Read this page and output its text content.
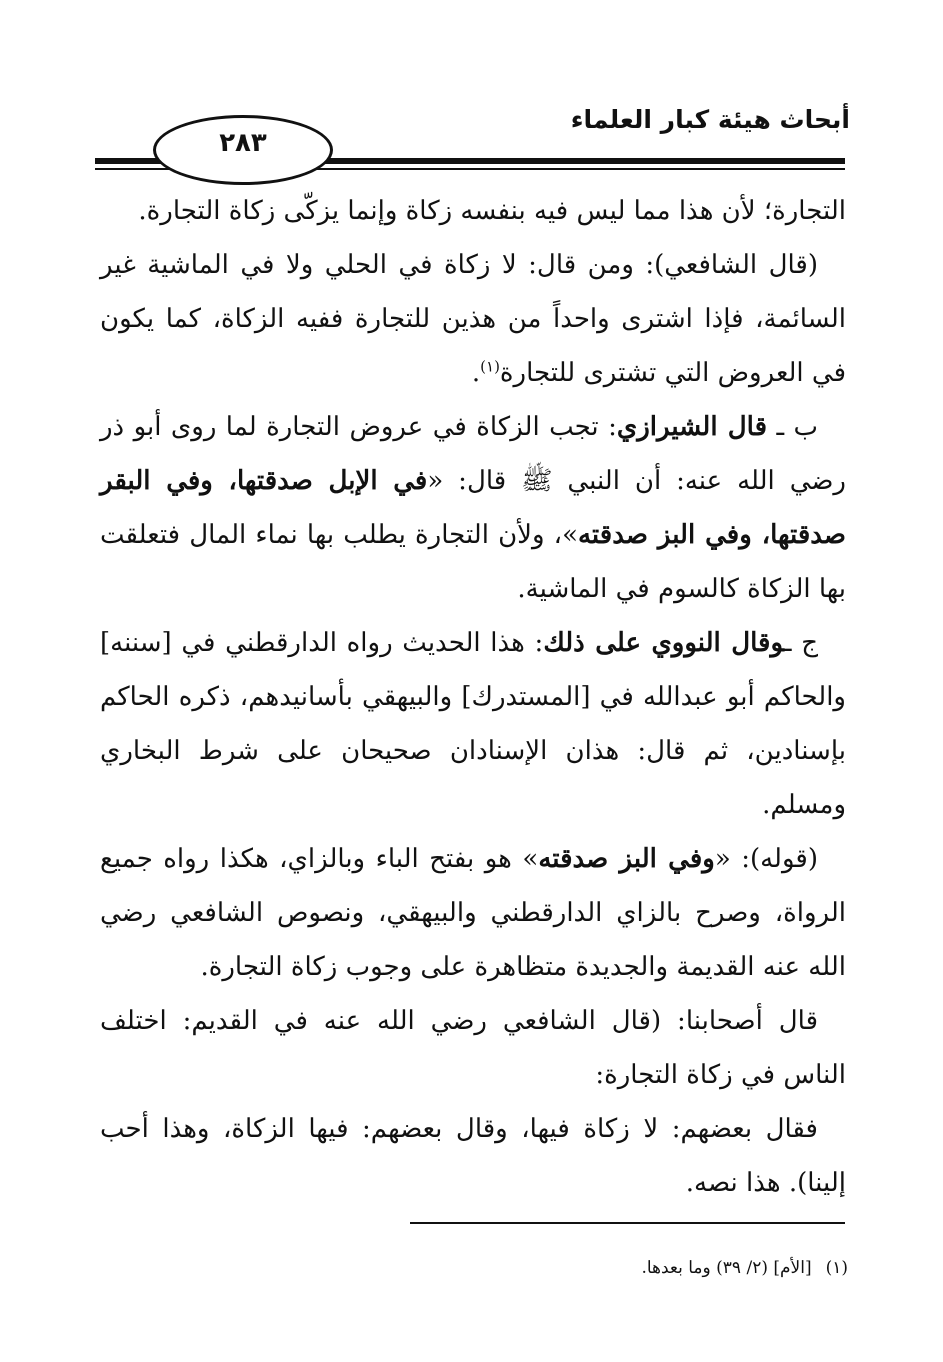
أبحاث هيئة كبار العلماء
٢٨٣

التجارة؛ لأن هذا مما ليس فيه بنفسه زكاة وإنما يزكّى زكاة التجارة.

(قال الشافعي): ومن قال: لا زكاة في الحلي ولا في الماشية غير السائمة، فإذا اشترى واحداً من هذين للتجارة ففيه الزكاة، كما يكون في العروض التي تشترى للتجارة$^{(١)}$.

ب ـ قال الشيرازي: تجب الزكاة في عروض التجارة لما روى أبو ذر رضي الله عنه: أن النبي ﷺ قال: «في الإبل صدقتها، وفي البقر صدقتها، وفي البز صدقته»، ولأن التجارة يطلب بها نماء المال فتعلقت بها الزكاة كالسوم في الماشية.

ج ـوقال النووي على ذلك: هذا الحديث رواه الدارقطني في [سننه] والحاكم أبو عبدالله في [المستدرك] والبيهقي بأسانيدهم، ذكره الحاكم بإسنادين، ثم قال: هذان الإسنادان صحيحان على شرط البخاري ومسلم.

(قوله): «وفي البز صدقته» هو بفتح الباء وبالزاي، هكذا رواه جميع الرواة، وصرح بالزاي الدارقطني والبيهقي، ونصوص الشافعي رضي الله عنه القديمة والجديدة متظاهرة على وجوب زكاة التجارة.

قال أصحابنا: (قال الشافعي رضي الله عنه في القديم: اختلف الناس في زكاة التجارة:

فقال بعضهم: لا زكاة فيها، وقال بعضهم: فيها الزكاة، وهذا أحب إلينا). هذا نصه.

(١)[الأم] (٢/ ٣٩) وما بعدها.
